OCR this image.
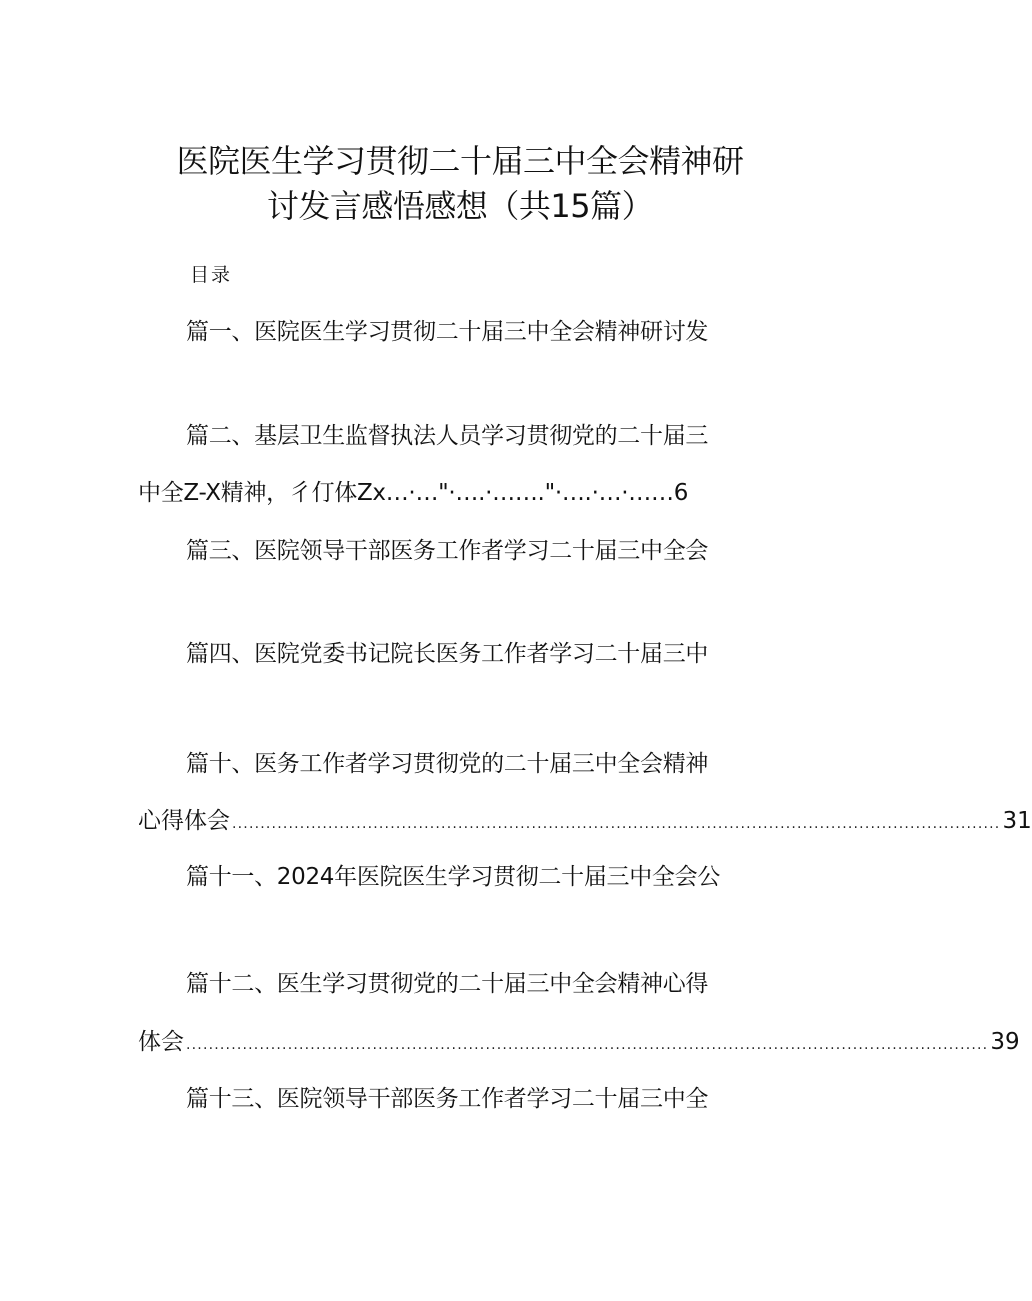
医院医生学习贯彻二十届三中全会精神研
讨发言感悟感想（共15篇）
目录
篇一、医院医生学习贯彻二十届三中全会精神研讨发
篇二、基层卫生监督执法人员学习贯彻党的二十届三
中全Z-X精神，彳仃体Zx…·…"·….·……."·….·…·……6
篇三、医院领导干部医务工作者学习二十届三中全会
篇四、医院党委书记院长医务工作者学习二十届三中
篇十、医务工作者学习贯彻党的二十届三中全会精神
心得体会 ........................................................................................................................................ 31
篇十一、2024年医院医生学习贯彻二十届三中全会公
篇十二、医生学习贯彻党的二十届三中全会精神心得
体会 .............................................................................................................................................. 39
篇十三、医院领导干部医务工作者学习二十届三中全
